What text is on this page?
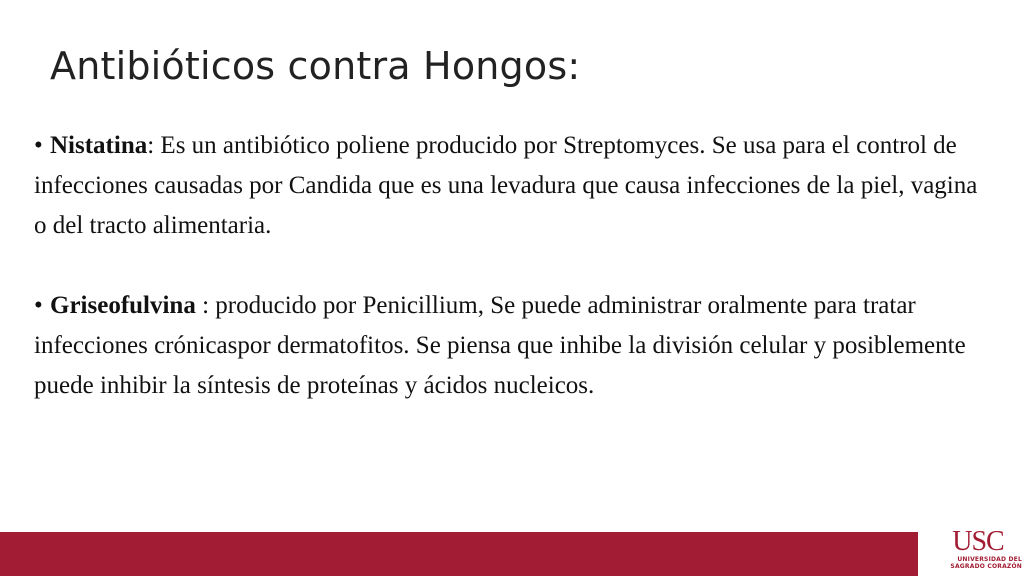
Antibióticos contra Hongos:

• Nistatina: Es un antibiótico poliene producido por Streptomyces. Se usa para el control de infecciones causadas por Candida que es una levadura que causa infecciones de la piel, vagina o del tracto alimentaria.

• Griseofulvina : producido por Penicillium, Se puede administrar oralmente para tratar infecciones crónicaspor dermatofitos. Se piensa que inhibe la división celular y posiblemente puede inhibir la síntesis de proteínas y ácidos nucleicos.

USC
UNIVERSIDAD DEL
SAGRADO CORAZÓN
